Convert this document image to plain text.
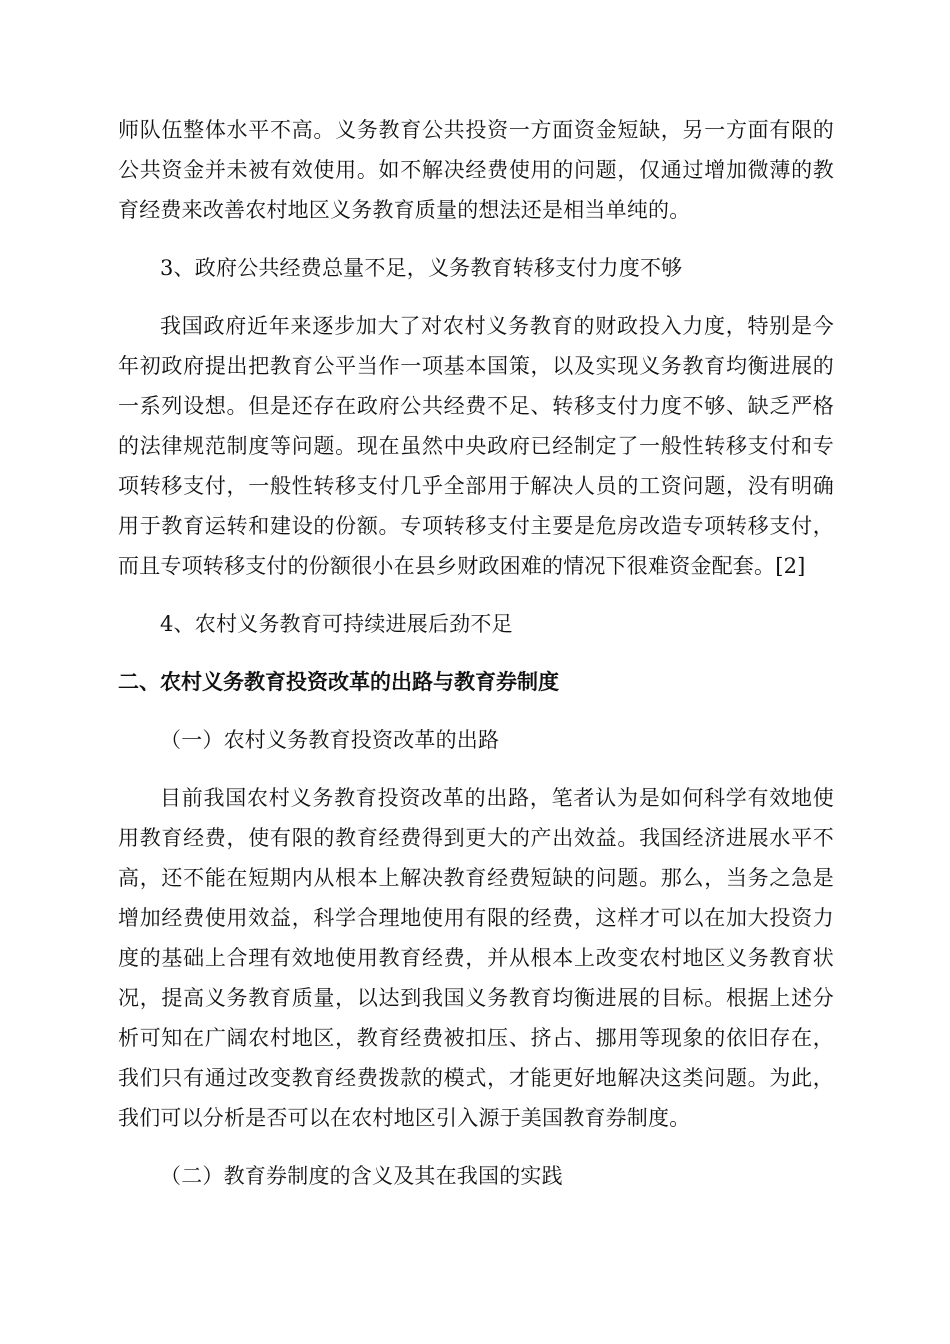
师队伍整体水平不高。义务教育公共投资一方面资金短缺，另一方面有限的公共资金并未被有效使用。如不解决经费使用的问题，仅通过增加微薄的教育经费来改善农村地区义务教育质量的想法还是相当单纯的。

3、政府公共经费总量不足，义务教育转移支付力度不够

我国政府近年来逐步加大了对农村义务教育的财政投入力度，特别是今年初政府提出把教育公平当作一项基本国策，以及实现义务教育均衡进展的一系列设想。但是还存在政府公共经费不足、转移支付力度不够、缺乏严格的法律规范制度等问题。现在虽然中央政府已经制定了一般性转移支付和专项转移支付，一般性转移支付几乎全部用于解决人员的工资问题，没有明确用于教育运转和建设的份额。专项转移支付主要是危房改造专项转移支付，而且专项转移支付的份额很小在县乡财政困难的情况下很难资金配套。[2]

4、农村义务教育可持续进展后劲不足

二、农村义务教育投资改革的出路与教育券制度

（一）农村义务教育投资改革的出路

目前我国农村义务教育投资改革的出路，笔者认为是如何科学有效地使用教育经费，使有限的教育经费得到更大的产出效益。我国经济进展水平不高，还不能在短期内从根本上解决教育经费短缺的问题。那么，当务之急是增加经费使用效益，科学合理地使用有限的经费，这样才可以在加大投资力度的基础上合理有效地使用教育经费，并从根本上改变农村地区义务教育状况，提高义务教育质量，以达到我国义务教育均衡进展的目标。根据上述分析可知在广阔农村地区，教育经费被扣压、挤占、挪用等现象的依旧存在，我们只有通过改变教育经费拨款的模式，才能更好地解决这类问题。为此，我们可以分析是否可以在农村地区引入源于美国教育券制度。

（二）教育券制度的含义及其在我国的实践
